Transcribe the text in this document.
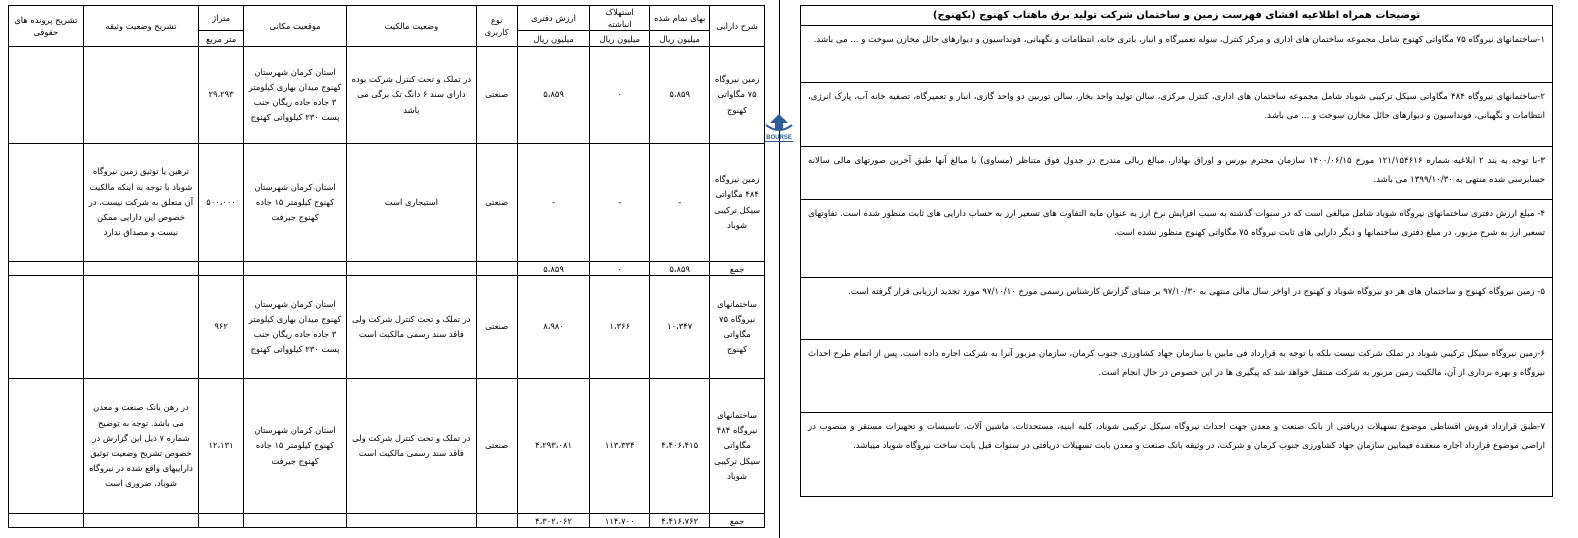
شرح دارایی	بهای تمام شده	استهلاک انباشته	ارزش دفتری	نوع کاربری	وضعیت مالکیت	موقعیت مکانی	متراژ	تشریح وضعیت وثیقه	تشریح پرونده های حقوقی
	میلیون ریال	میلیون ریال	میلیون ریال				متر مربع		
زمین نیروگاه ۷۵ مگاواتی کهنوج	۵،۸۵۹	۰	۵،۸۵۹	صنعتی	در تملک و تحت کنترل شرکت بوده دارای سند ۶ دانگ تک برگی می باشد	استان کرمان شهرستان کهنوج میدان بهاری کیلومتر ۳ جاده جاده ریگان جنب پست ۲۳۰ کیلوواتی کهنوج	۲۹،۲۹۳		
زمین نیروگاه ۴۸۴ مگاواتی سیکل ترکیبی شوباد	-	-	-	صنعتی	استیجاری است	استان کرمان شهرستان کهنوج کیلومتر ۱۵ جاده کهنوج جیرفت	۵۰۰،۰۰۰	ترهین یا توثیق زمین نیروگاه شوباد با توجه به اینکه مالکیت آن متعلق به شرکت نیست، در خصوص این دارایی ممکن نیست و مصداق ندارد	
جمع	۵،۸۵۹	۰	۵،۸۵۹						
ساختمانهای نیروگاه ۷۵ مگاواتی کهنوج	۱۰،۳۴۷	۱،۳۶۶	۸،۹۸۰	صنعتی	در تملک و تحت کنترل شرکت ولی فاقد سند رسمی مالکیت است	استان کرمان شهرستان کهنوج میدان بهاری کیلومتر ۳ جاده جاده ریگان جنب پست ۲۳۰ کیلوواتی کهنوج	۹۶۲		
ساختمانهای نیروگاه ۴۸۴ مگاواتی سیکل ترکیبی شوباد	۴،۴۰۶،۴۱۵	۱۱۳،۳۳۴	۴،۲۹۳،۰۸۱	صنعتی	در تملک و تحت کنترل شرکت ولی فاقد سند رسمی مالکیت است	استان کرمان شهرستان کهنوج کیلومتر ۱۵ جاده کهنوج جیرفت	۱۲،۱۳۱	در رهن بانک صنعت و معدن می باشد. توجه به توضیح شماره ۷ ذیل این گزارش در خصوص تشریح وضعیت توثیق داراییهای واقع شده در نیروگاه شوباد، ضروری است	
جمع	۴،۴۱۶،۷۶۲	۱۱۴،۷۰۰	۴،۳۰۲،۰۶۲						
BOURSE
توضیحات همراه اطلاعیه افشای فهرست زمین و ساختمان شرکت تولید برق ماهتاب کهنوج (بکهنوج)
۱-ساختمانهای نیروگاه ۷۵ مگاواتی کهنوج شامل مجموعه ساختمان های اداری و مرکز کنترل، سوله تعمیرگاه و انبار، باتری خانه، انتظامات و نگهبانی، فونداسیون و دیوارهای حائل مخازن سوخت و ... می باشد.
۲-ساختمانهای نیروگاه ۴۸۴ مگاواتی سیکل ترکیبی شوباد شامل مجموعه ساختمان های اداری، کنترل مرکزی، سالن تولید واحد بخار، سالن توربین دو واحد گازی، انبار و تعمیرگاه، تصفیه خانه آب، پارک انرژی، انتظامات و نگهبانی، فونداسیون و دیوارهای حائل مخازن سوخت و ... می باشد.
۳-با توجه به بند ۲ ابلاغیه شماره ۱۲۱/۱۵۴۶۱۶ مورخ ۱۴۰۰/۰۶/۱۵ سازمان محترم بورس و اوراق بهادار، مبالغ ریالی مندرج در جدول فوق متناظر (مساوی) با مبالغ آنها طبق آخرین صورتهای مالی سالانه حسابرسی شده منتهی به ۱۳۹۹/۱۰/۳۰ می باشد.
۴- مبلغ ارزش دفتری ساختمانهای نیروگاه شوباد شامل مبالغی است که در سنوات گذشته به سبب افزایش نرخ ارز به عنوان مابه التفاوت های تسعیر ارز به حساب دارایی های ثابت منظور شده است. تفاوتهای تسعیر ارز به شرح مزبور، در مبلغ دفتری ساختمانها و دیگر دارایی های ثابت نیروگاه ۷۵ مگاواتی کهنوج منظور نشده است.
۵- زمین نیروگاه کهنوج و ساختمان های هر دو نیروگاه شوباد و کهنوج در اواخر سال مالی منتهی به ۹۷/۱۰/۳۰ بر مبنای گزارش کارشناس رسمی مورخ ۹۷/۱۰/۱۰ مورد تجدید ارزیابی قرار گرفته است.
۶-زمین نیروگاه سیکل ترکیبی شوباد در تملک شرکت نیست بلکه با توجه به قرارداد فی مابین با سازمان جهاد کشاورزی جنوب کرمان، سازمان مزبور آنرا به شرکت اجاره داده است. پس از اتمام طرح احداث نیروگاه و بهره برداری از آن، مالکیت زمین مزبور به شرکت منتقل خواهد شد که پیگیری ها در این خصوص در حال انجام است.
۷-طبق قرارداد فروش اقساطی موضوع تسهیلات دریافتی از بانک صنعت و معدن جهت احداث نیروگاه سیکل ترکیبی شوباد، کلیه ابنیه، مستحدثات، ماشین آلات، تاسیسات و تجهیزات مستقر و منصوب در اراضی موضوع قرارداد اجاره منعقده فیمابین سازمان جهاد کشاورزی جنوب کرمان و شرکت، در وثیقه بانک صنعت و معدن بابت تسهیلات دریافتی در سنوات قبل بابت ساخت نیروگاه شوباد میباشد.
